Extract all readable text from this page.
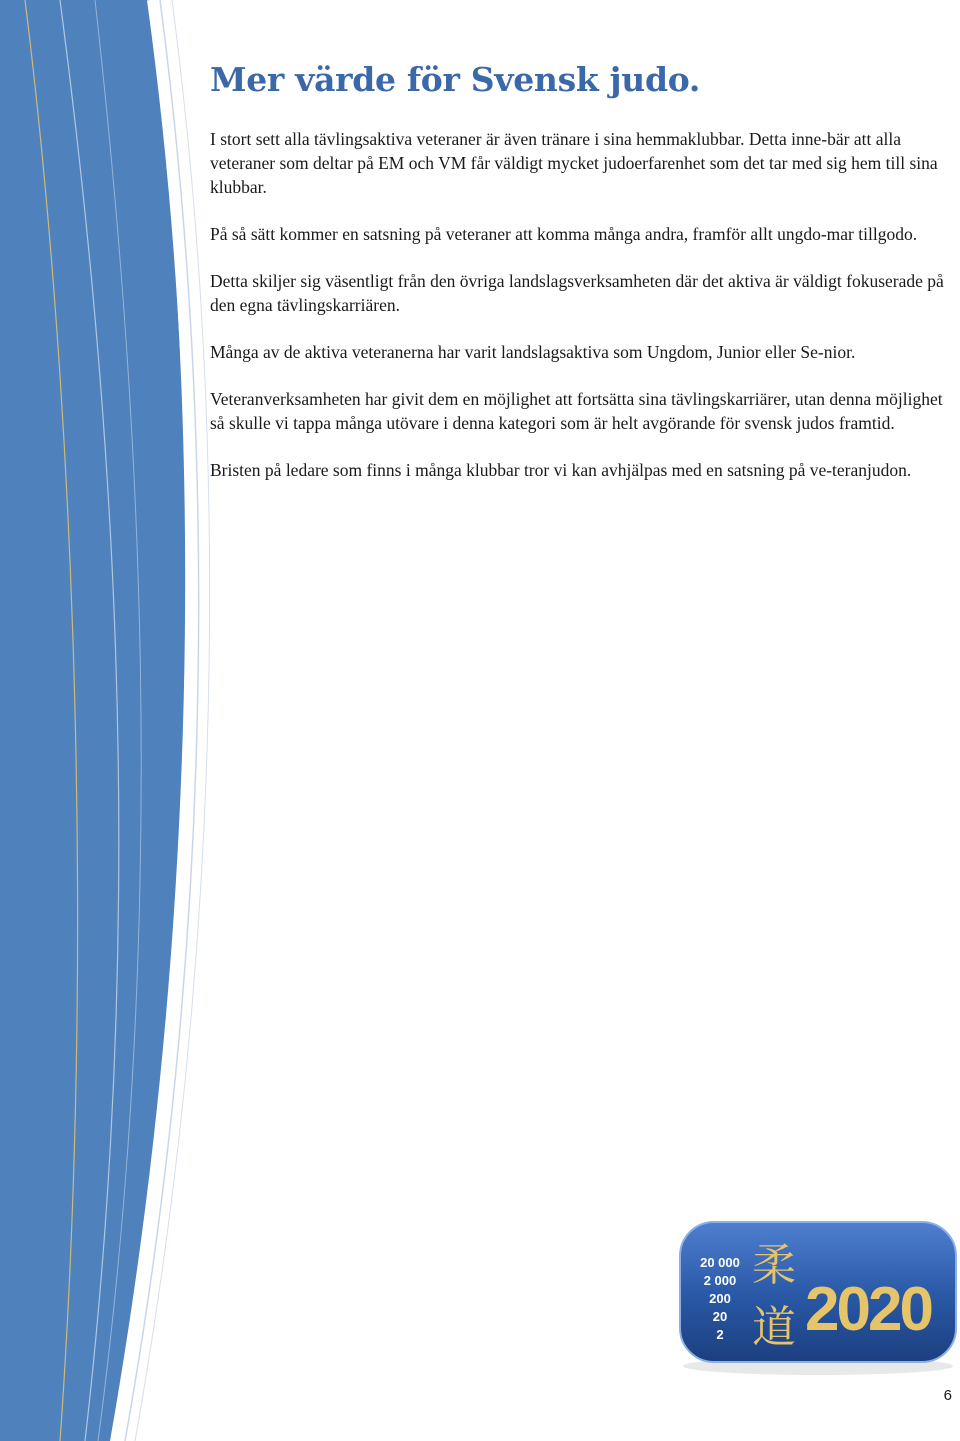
Mer värde för Svensk judo.

I stort sett alla tävlingsaktiva veteraner är även tränare i sina hemmaklubbar. Detta inne-bär att alla veteraner som deltar på EM och VM får väldigt mycket judoerfarenhet som det tar med sig hem till sina klubbar.

På så sätt kommer en satsning på veteraner att komma många andra, framför allt ungdo-mar tillgodo.

Detta skiljer sig väsentligt från den övriga landslagsverksamheten där det aktiva är väldigt fokuserade på den egna tävlingskarriären.

Många av de aktiva veteranerna har varit landslagsaktiva som Ungdom, Junior eller Se-nior.

Veteranverksamheten har givit dem en möjlighet att fortsätta sina tävlingskarriärer, utan denna möjlighet så skulle vi tappa många utövare i denna kategori som är helt avgörande för svensk judos framtid.

Bristen på ledare som finns i många klubbar tror vi kan avhjälpas med en satsning på ve-teranjudon.

20 000
2 000
200
20
2
柔
道 2020
6
